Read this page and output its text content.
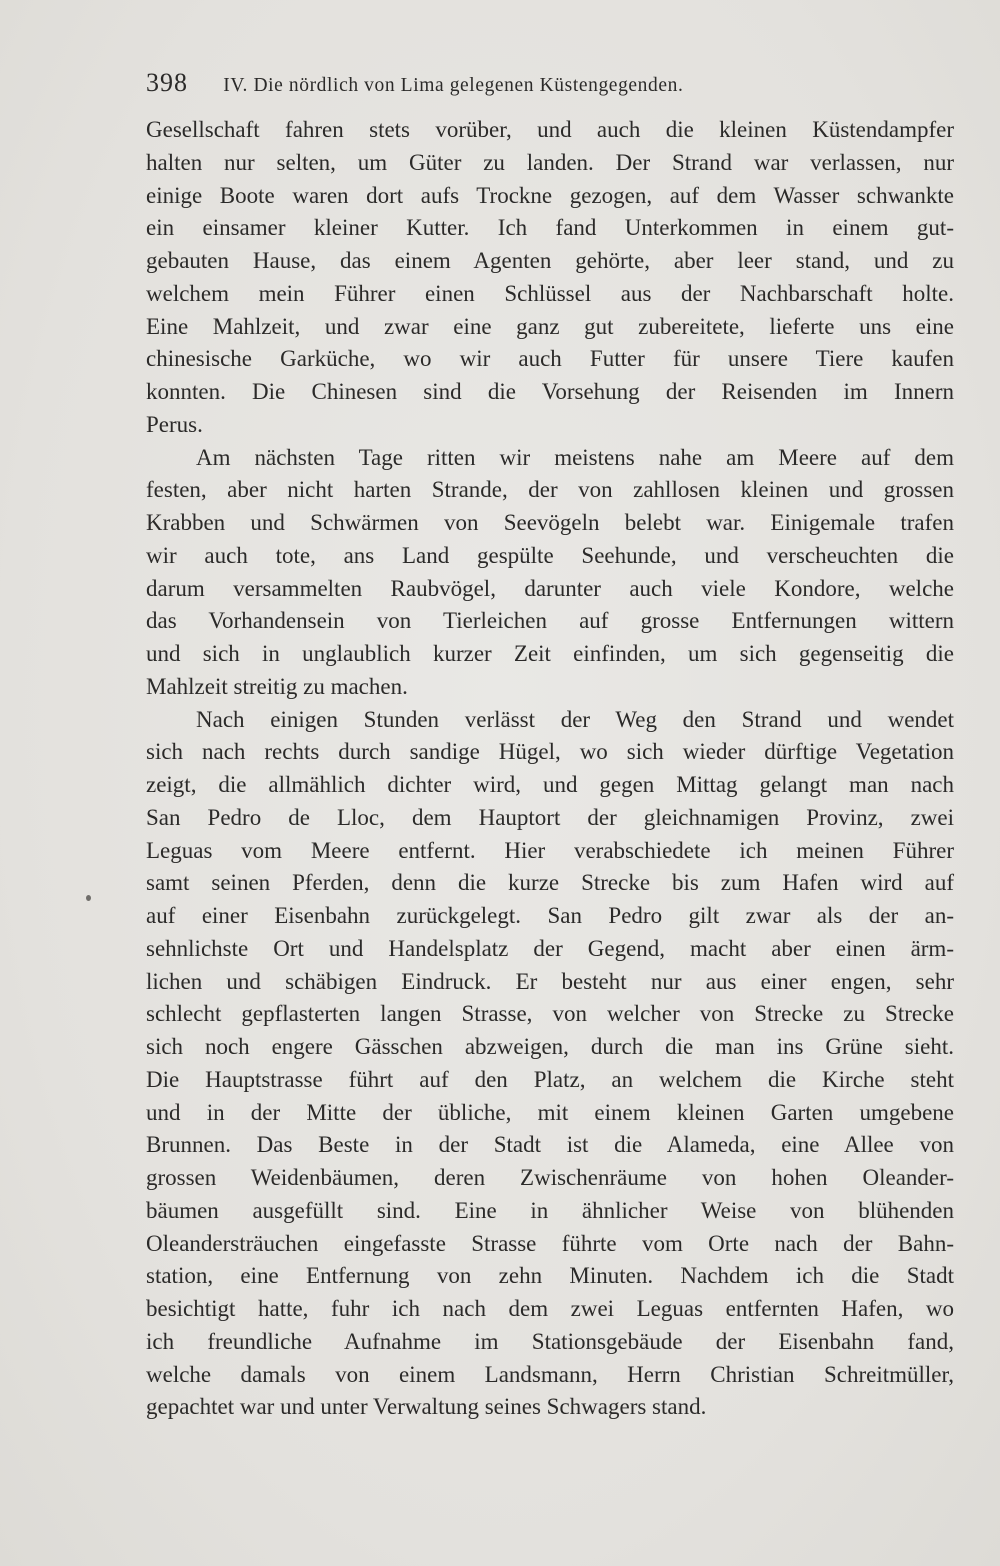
398 IV. Die nördlich von Lima gelegenen Küstengegenden.
Gesellschaft fahren stets vorüber, und auch die kleinen Küstendampfer
halten nur selten, um Güter zu landen. Der Strand war verlassen, nur
einige Boote waren dort aufs Trockne gezogen, auf dem Wasser schwankte
ein einsamer kleiner Kutter. Ich fand Unterkommen in einem gut-
gebauten Hause, das einem Agenten gehörte, aber leer stand, und zu
welchem mein Führer einen Schlüssel aus der Nachbarschaft holte.
Eine Mahlzeit, und zwar eine ganz gut zubereitete, lieferte uns eine
chinesische Garküche, wo wir auch Futter für unsere Tiere kaufen
konnten. Die Chinesen sind die Vorsehung der Reisenden im Innern
Perus.
Am nächsten Tage ritten wir meistens nahe am Meere auf dem
festen, aber nicht harten Strande, der von zahllosen kleinen und grossen
Krabben und Schwärmen von Seevögeln belebt war. Einigemale trafen
wir auch tote, ans Land gespülte Seehunde, und verscheuchten die
darum versammelten Raubvögel, darunter auch viele Kondore, welche
das Vorhandensein von Tierleichen auf grosse Entfernungen wittern
und sich in unglaublich kurzer Zeit einfinden, um sich gegenseitig die
Mahlzeit streitig zu machen.
Nach einigen Stunden verlässt der Weg den Strand und wendet
sich nach rechts durch sandige Hügel, wo sich wieder dürftige Vegetation
zeigt, die allmählich dichter wird, und gegen Mittag gelangt man nach
San Pedro de Lloc, dem Hauptort der gleichnamigen Provinz, zwei
Leguas vom Meere entfernt. Hier verabschiedete ich meinen Führer
samt seinen Pferden, denn die kurze Strecke bis zum Hafen wird auf
auf einer Eisenbahn zurückgelegt. San Pedro gilt zwar als der an-
sehnlichste Ort und Handelsplatz der Gegend, macht aber einen ärm-
lichen und schäbigen Eindruck. Er besteht nur aus einer engen, sehr
schlecht gepflasterten langen Strasse, von welcher von Strecke zu Strecke
sich noch engere Gässchen abzweigen, durch die man ins Grüne sieht.
Die Hauptstrasse führt auf den Platz, an welchem die Kirche steht
und in der Mitte der übliche, mit einem kleinen Garten umgebene
Brunnen. Das Beste in der Stadt ist die Alameda, eine Allee von
grossen Weidenbäumen, deren Zwischenräume von hohen Oleander-
bäumen ausgefüllt sind. Eine in ähnlicher Weise von blühenden
Oleandersträuchen eingefasste Strasse führte vom Orte nach der Bahn-
station, eine Entfernung von zehn Minuten. Nachdem ich die Stadt
besichtigt hatte, fuhr ich nach dem zwei Leguas entfernten Hafen, wo
ich freundliche Aufnahme im Stationsgebäude der Eisenbahn fand,
welche damals von einem Landsmann, Herrn Christian Schreitmüller,
gepachtet war und unter Verwaltung seines Schwagers stand.
